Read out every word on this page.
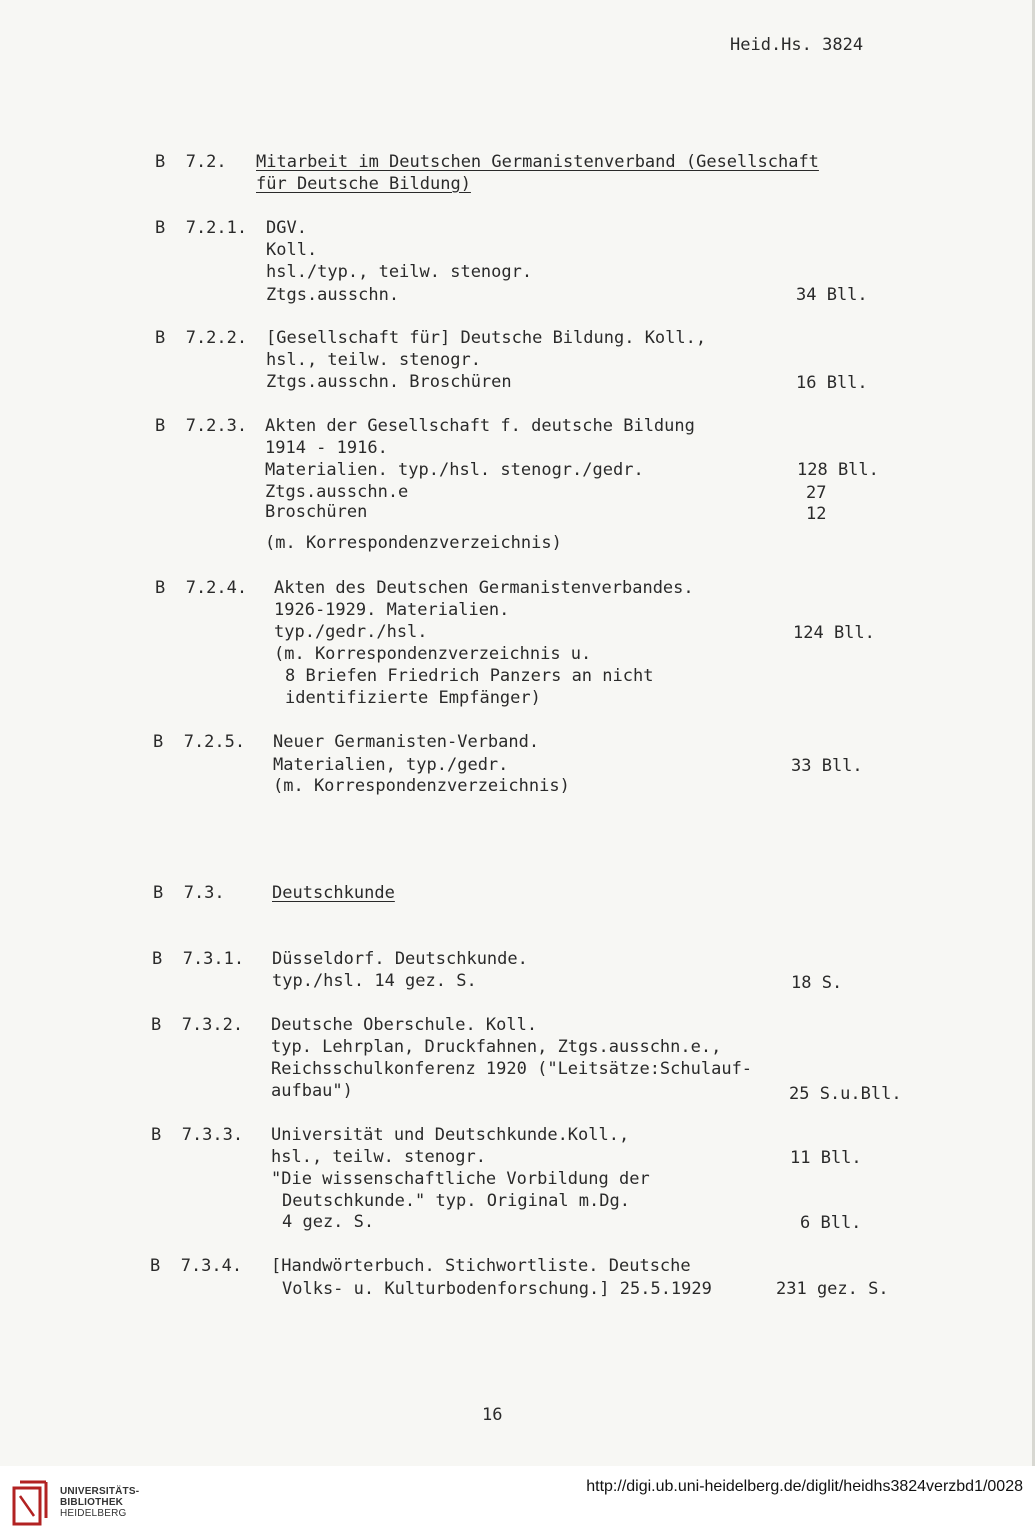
Heid.Hs. 3824
B  7.2. Mitarbeit im Deutschen Germanistenverband (Gesellschaft
für Deutsche Bildung)
B  7.2.1. DGV.
Koll.
hsl./typ., teilw. stenogr.
Ztgs.ausschn.	34 Bll.
B  7.2.2. [Gesellschaft für] Deutsche Bildung. Koll.,
hsl., teilw. stenogr.
Ztgs.ausschn. Broschüren	16 Bll.
B  7.2.3. Akten der Gesellschaft f. deutsche Bildung
1914 - 1916.
Materialien. typ./hsl. stenogr./gedr.	128 Bll.
Ztgs.ausschn.e	27
Broschüren	12
(m. Korrespondenzverzeichnis)
B  7.2.4. Akten des Deutschen Germanistenverbandes.
1926-1929. Materialien.
typ./gedr./hsl.	124 Bll.
(m. Korrespondenzverzeichnis u.
8 Briefen Friedrich Panzers an nicht
identifizierte Empfänger)
B  7.2.5. Neuer Germanisten-Verband.
Materialien, typ./gedr.	33 Bll.
(m. Korrespondenzverzeichnis)
B  7.3.	Deutschkunde
B  7.3.1. Düsseldorf. Deutschkunde.
typ./hsl. 14 gez. S.	18 S.
B  7.3.2. Deutsche Oberschule. Koll.
typ. Lehrplan, Druckfahnen, Ztgs.ausschn.e.,
Reichsschulkonferenz 1920 ("Leitsätze:Schulauf-
aufbau")	25 S.u.Bll.
B  7.3.3. Universität und Deutschkunde.Koll.,
hsl., teilw. stenogr.	11 Bll.
"Die wissenschaftliche Vorbildung der
Deutschkunde." typ. Original m.Dg.
4 gez. S.	6 Bll.
B  7.3.4. [Handwörterbuch. Stichwortliste. Deutsche
Volks- u. Kulturbodenforschung.] 25.5.1929	231 gez. S.
16
UNIVERSITÄTS-
BIBLIOTHEK
HEIDELBERG
http://digi.ub.uni-heidelberg.de/diglit/heidhs3824verzbd1/0028
